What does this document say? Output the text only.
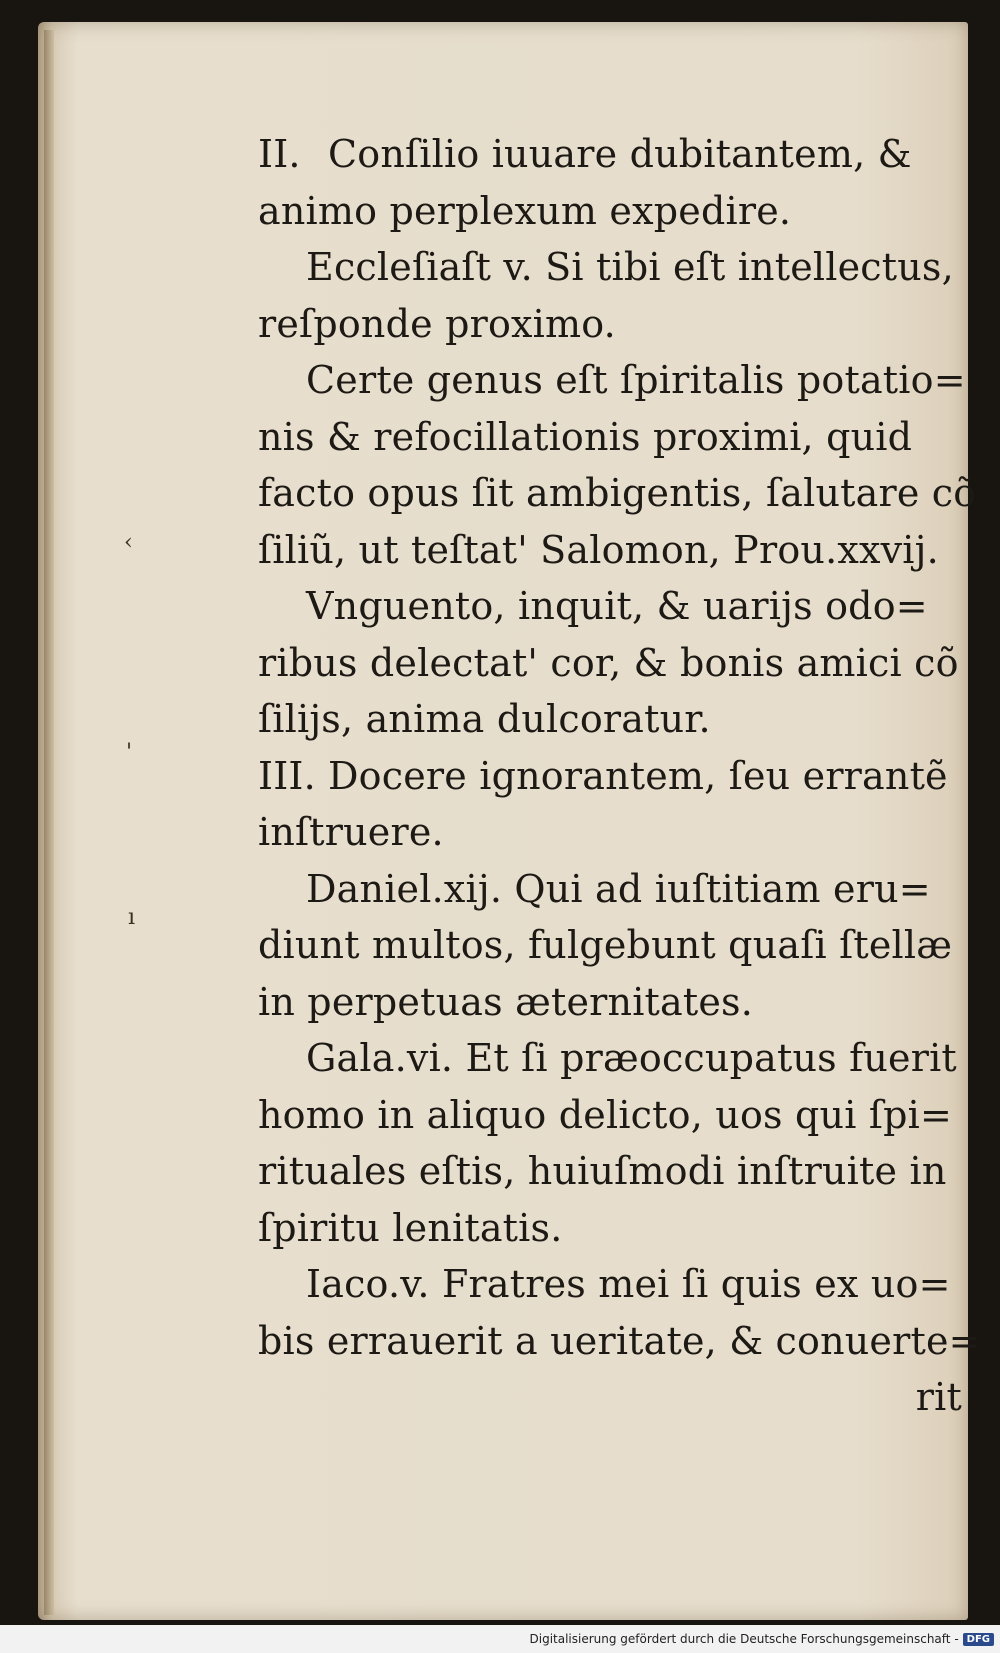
II. Conſilio iuuare dubitantem, &
animo perplexum expedire.
Eccleſiaſt v. Si tibi eſt intellectus,
reſponde proximo.
Certe genus eſt ſpiritalis potatio=
nis & refocillationis proximi, quid
facto opus ſit ambigentis, ſalutare cõ
ſiliũ, ut teſtat' Salomon, Prou.xxvij.
Vnguento, inquit, & uarijs odo=
ribus delectat' cor, & bonis amici cõ
ſilijs, anima dulcoratur.
III. Docere ignorantem, ſeu errantẽ
inſtruere.
Daniel.xij. Qui ad iuſtitiam eru=
diunt multos, fulgebunt quaſi ſtellæ
in perpetuas æternitates.
Gala.vi. Et ſi præoccupatus fuerit
homo in aliquo delicto, uos qui ſpi=
rituales eſtis, huiuſmodi inſtruite in
ſpiritu lenitatis.
Iaco.v. Fratres mei ſi quis ex uo=
bis errauerit a ueritate, & conuerte=
rit
‹
'
ı
Digitalisierung gefördert durch die Deutsche Forschungsgemeinschaft - DFG
